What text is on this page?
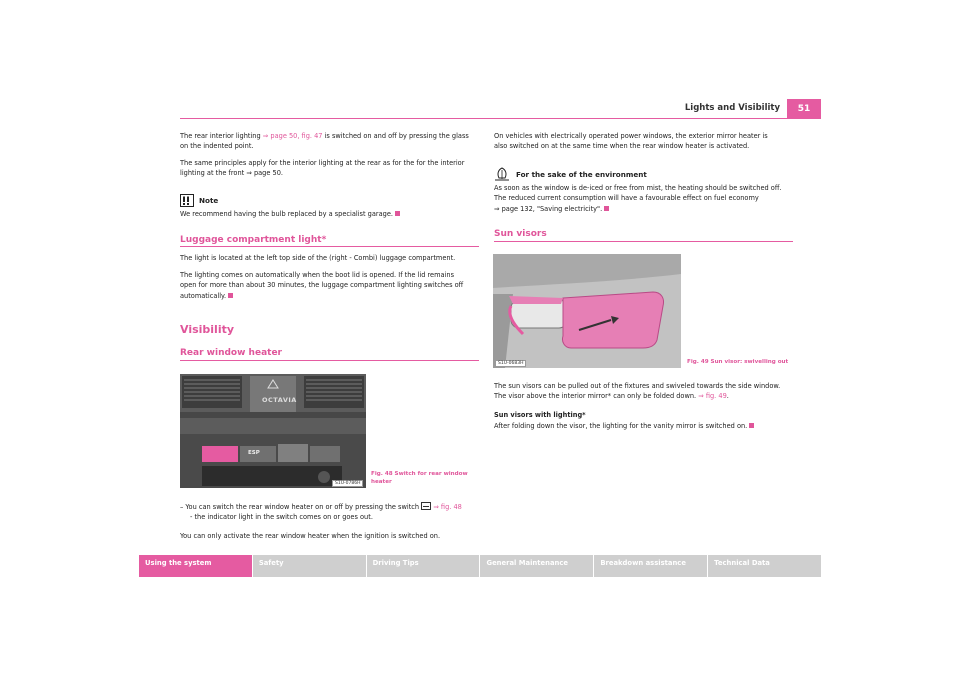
Lights and Visibility	51
The rear interior lighting ⇒ page 50, fig. 47 is switched on and off by pressing the glass
on the indented point.
The same principles apply for the interior lighting at the rear as for the for the interior
lighting at the front ⇒ page 50.
Note
We recommend having the bulb replaced by a specialist garage.
Luggage compartment light*
The light is located at the left top side of the (right - Combi) luggage compartment.
The lighting comes on automatically when the boot lid is opened. If the lid remains
open for more than about 30 minutes, the luggage compartment lighting switches off
automatically.
Visibility
Rear window heater
OCTAVIA
ESP
S1U-0786H
Fig. 48 Switch for rear window
heater
– You can switch the rear window heater on or off by pressing the switch
⇒ fig. 48
- the indicator light in the switch comes on or goes out.
You can only activate the rear window heater when the ignition is switched on.
On vehicles with electrically operated power windows, the exterior mirror heater is
also switched on at the same time when the rear window heater is activated.
For the sake of the environment
As soon as the window is de-iced or free from mist, the heating should be switched off.
The reduced current consumption will have a favourable effect on fuel economy
⇒ page 132, "Saving electricity".
Sun visors
S1U-0683H	Fig. 49 Sun visor: swivelling out
The sun visors can be pulled out of the fixtures and swiveled towards the side window.
The visor above the interior mirror* can only be folded down. ⇒ fig. 49.
Sun visors with lighting*
After folding down the visor, the lighting for the vanity mirror is switched on.
Using the system	Safety	Driving Tips	General Maintenance	Breakdown assistance	Technical Data
